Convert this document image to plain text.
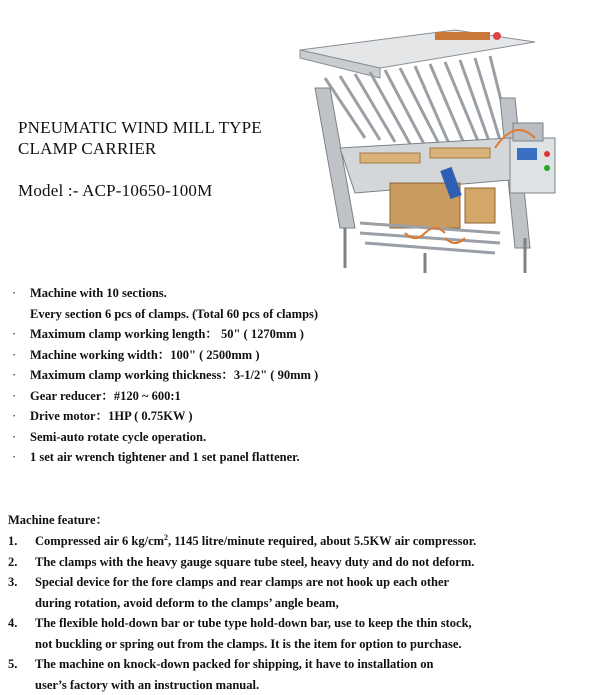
PNEUMATIC WIND MILL TYPE
CLAMP CARRIER
Model :- ACP-10650-100M
· Machine with 10 sections.
Every section 6 pcs of clamps. (Total 60 pcs of clamps)
· Maximum clamp working length： 50" ( 1270mm )
· Machine working width：100" ( 2500mm )
· Maximum clamp working thickness：3-1/2" ( 90mm )
· Gear reducer：#120 ~ 600:1
· Drive motor：1HP ( 0.75KW )
· Semi-auto rotate cycle operation.
· 1 set air wrench tightener and 1 set panel flattener.
Machine feature：
1. Compressed air 6 $kg/cm^2$, 1145 litre/minute required, about 5.5KW air compressor.
2. The clamps with the heavy gauge square tube steel, heavy duty and do not deform.
3. Special device for the fore clamps and rear clamps are not hook up each other
during rotation, avoid deform to the clamps’ angle beam,
4. The flexible hold-down bar or tube type hold-down bar, use to keep the thin stock,
not buckling or spring out from the clamps. It is the item for option to purchase.
5. The machine on knock-down packed for shipping, it have to installation on
user’s factory with an instruction manual.
